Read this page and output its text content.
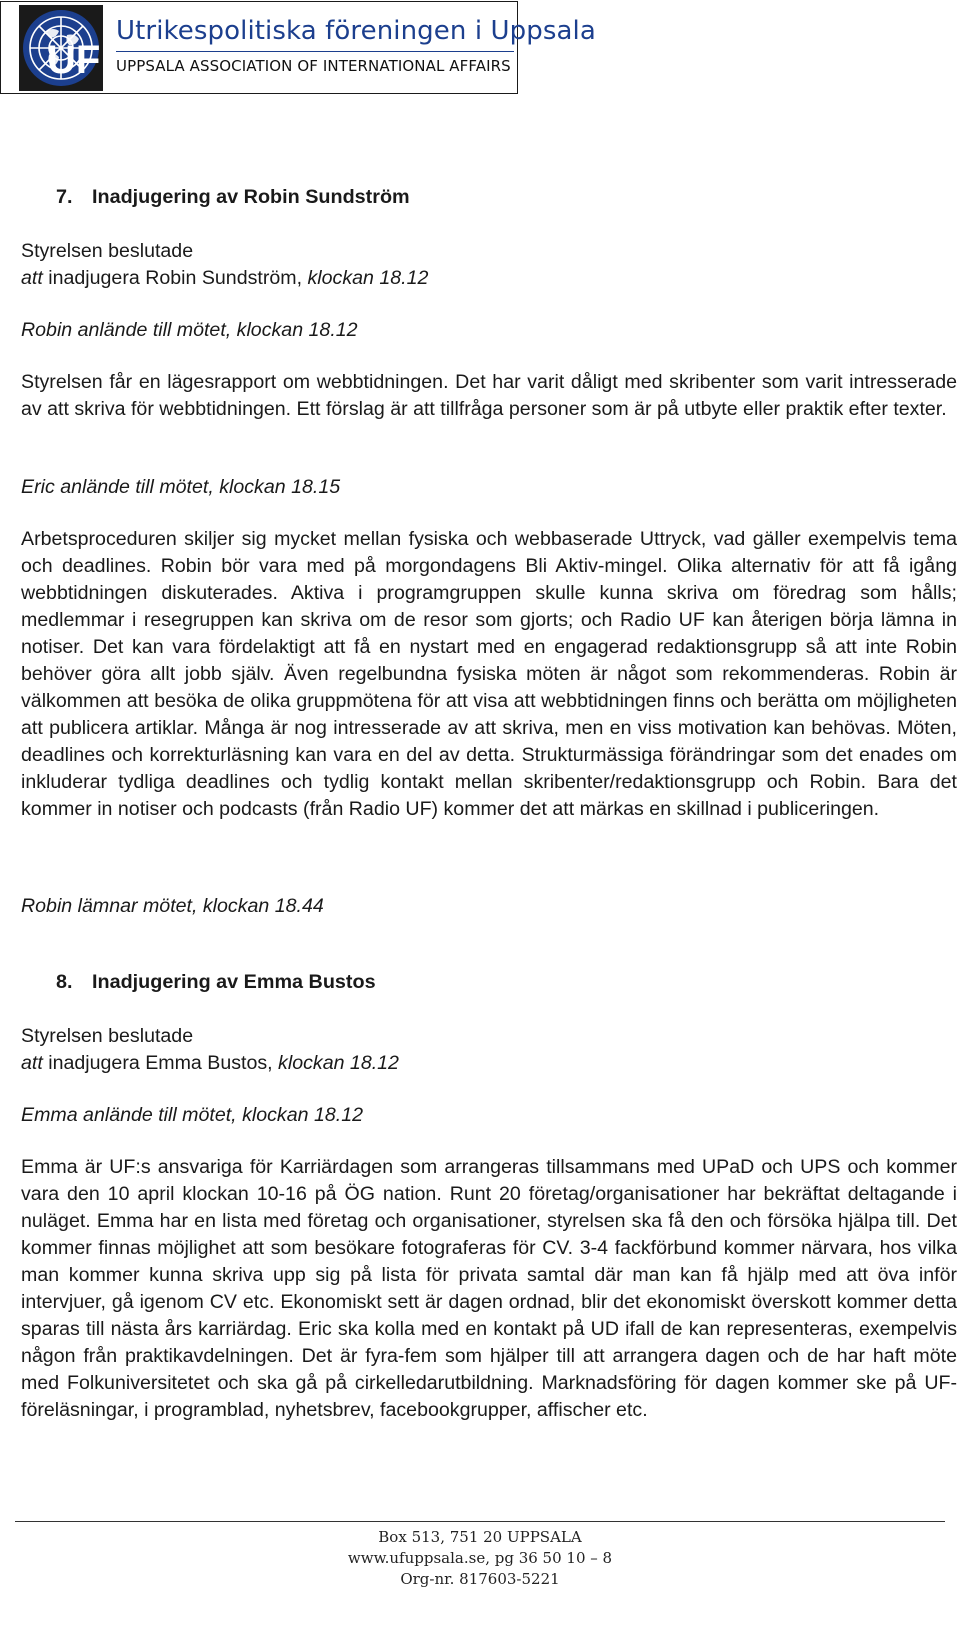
UF
Utrikespolitiska föreningen i Uppsala
UPPSALA ASSOCIATION OF INTERNATIONAL AFFAIRS
7. Inadjugering av Robin Sundström
Styrelsen beslutade
att inadjugera Robin Sundström, klockan 18.12
Robin anlände till mötet, klockan 18.12
Styrelsen får en lägesrapport om webbtidningen. Det har varit dåligt med skribenter som varit intresserade av att skriva för webbtidningen. Ett förslag är att tillfråga personer som är på utbyte eller praktik efter texter.
Eric anlände till mötet, klockan 18.15
Arbetsproceduren skiljer sig mycket mellan fysiska och webbaserade Uttryck, vad gäller exempelvis tema och deadlines. Robin bör vara med på morgondagens Bli Aktiv-mingel. Olika alternativ för att få igång webbtidningen diskuterades. Aktiva i programgruppen skulle kunna skriva om föredrag som hålls; medlemmar i resegruppen kan skriva om de resor som gjorts; och Radio UF kan återigen börja lämna in notiser. Det kan vara fördelaktigt att få en nystart med en engagerad redaktionsgrupp så att inte Robin behöver göra allt jobb själv. Även regelbundna fysiska möten är något som rekommenderas. Robin är välkommen att besöka de olika gruppmötena för att visa att webbtidningen finns och berätta om möjligheten att publicera artiklar. Många är nog intresserade av att skriva, men en viss motivation kan behövas. Möten, deadlines och korrekturläsning kan vara en del av detta. Strukturmässiga förändringar som det enades om inkluderar tydliga deadlines och tydlig kontakt mellan skribenter/redaktionsgrupp och Robin. Bara det kommer in notiser och podcasts (från Radio UF) kommer det att märkas en skillnad i publiceringen.
Robin lämnar mötet, klockan 18.44
8. Inadjugering av Emma Bustos
Styrelsen beslutade
att inadjugera Emma Bustos, klockan 18.12
Emma anlände till mötet, klockan 18.12
Emma är UF:s ansvariga för Karriärdagen som arrangeras tillsammans med UPaD och UPS och kommer vara den 10 april klockan 10-16 på ÖG nation. Runt 20 företag/organisationer har bekräftat deltagande i nuläget. Emma har en lista med företag och organisationer, styrelsen ska få den och försöka hjälpa till. Det kommer finnas möjlighet att som besökare fotograferas för CV. 3-4 fackförbund kommer närvara, hos vilka man kommer kunna skriva upp sig på lista för privata samtal där man kan få hjälp med att öva inför intervjuer, gå igenom CV etc. Ekonomiskt sett är dagen ordnad, blir det ekonomiskt överskott kommer detta sparas till nästa års karriärdag. Eric ska kolla med en kontakt på UD ifall de kan representeras, exempelvis någon från praktikavdelningen. Det är fyra-fem som hjälper till att arrangera dagen och de har haft möte med Folkuniversitetet och ska gå på cirkelledarutbildning. Marknadsföring för dagen kommer ske på UF-föreläsningar, i programblad, nyhetsbrev, facebookgrupper, affischer etc.
Box 513, 751 20 UPPSALA
www.ufuppsala.se, pg 36 50 10 – 8
Org-nr. 817603-5221
